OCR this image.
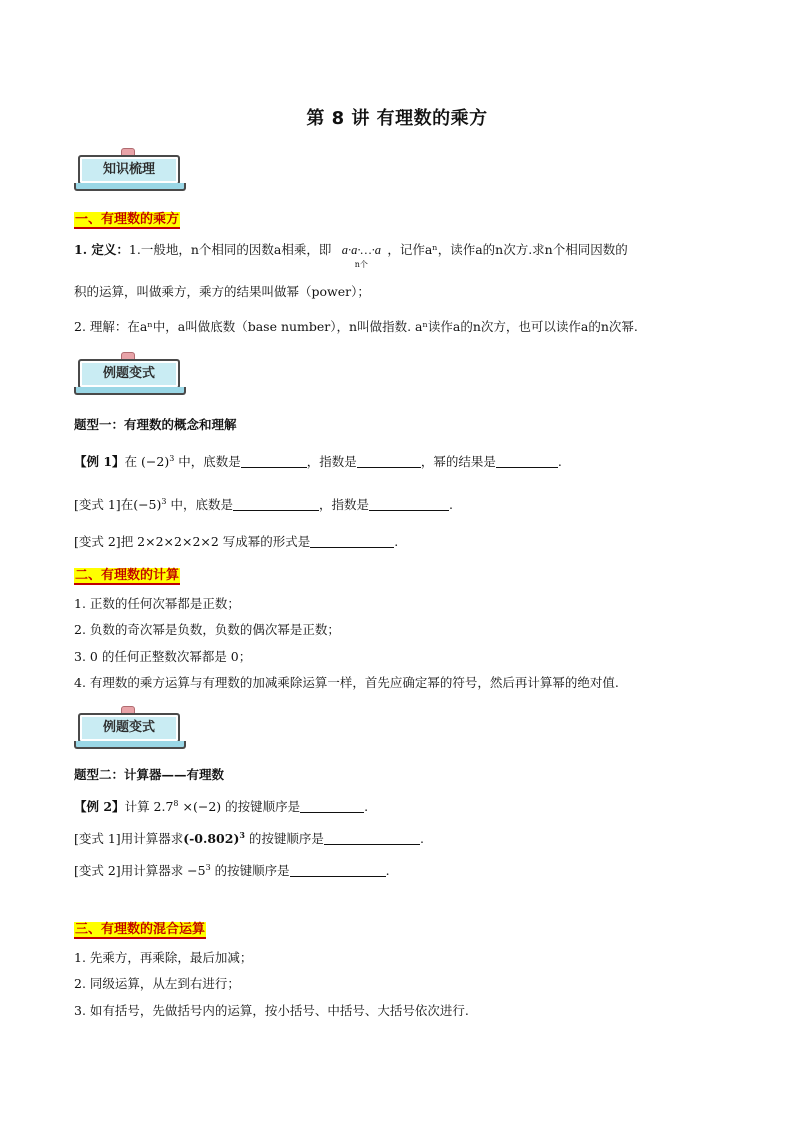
第 8 讲 有理数的乘方
知识梳理
一、有理数的乘方
1. 定义：1.一般地，n个相同的因数a相乘，即 a·a·…·a
n个
，记作aⁿ，读作a的n次方.求n个相同因数的
积的运算，叫做乘方，乘方的结果叫做幂（power）；
2. 理解：在aⁿ中，a叫做底数（base number），n叫做指数. aⁿ读作a的n次方，也可以读作a的n次幂.
例题变式
题型一：有理数的概念和理解
【例 1】在 $(-2)^3$ 中，底数是	，指数是	，幂的结果是	.
[变式 1]在$(-5)^3$ 中，底数是	，指数是	.
[变式 2]把 2×2×2×2×2 写成幂的形式是	.
二、有理数的计算
1. 正数的任何次幂都是正数；
2. 负数的奇次幂是负数，负数的偶次幂是正数；
3. 0 的任何正整数次幂都是 0；
4. 有理数的乘方运算与有理数的加减乘除运算一样，首先应确定幂的符号，然后再计算幂的绝对值.
例题变式
题型二：计算器——有理数
【例 2】计算 $2.7^8 \times(-2)$ 的按键顺序是	.
[变式 1]用计算器求$(-0.802)^3$ 的按键顺序是	.
[变式 2]用计算器求 $-5^3$ 的按键顺序是	.
三、有理数的混合运算
1. 先乘方，再乘除，最后加减；
2. 同级运算，从左到右进行；
3. 如有括号，先做括号内的运算，按小括号、中括号、大括号依次进行.
